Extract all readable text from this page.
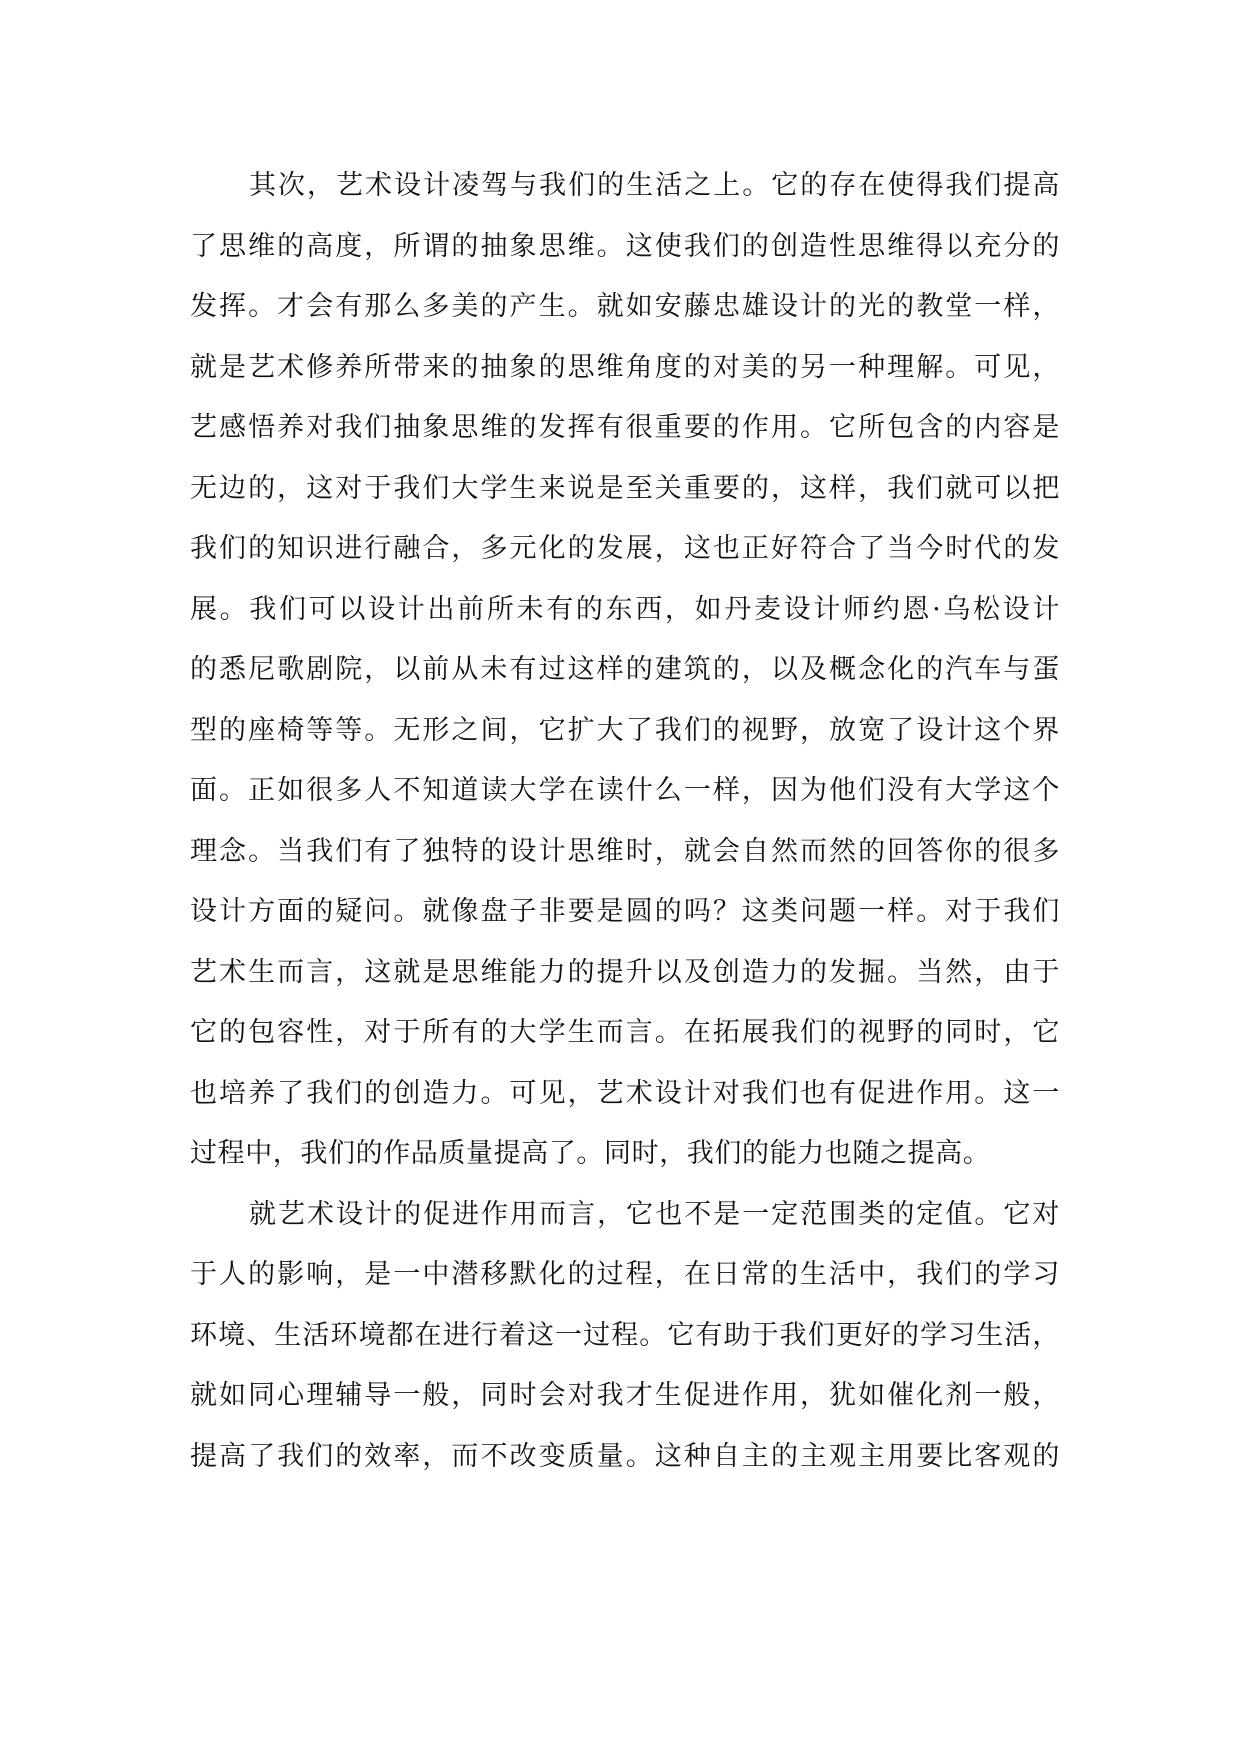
其次，艺术设计凌驾与我们的生活之上。它的存在使得我们提高
了思维的高度，所谓的抽象思维。这使我们的创造性思维得以充分的
发挥。才会有那么多美的产生。就如安藤忠雄设计的光的教堂一样，
就是艺术修养所带来的抽象的思维角度的对美的另一种理解。可见，
艺感悟养对我们抽象思维的发挥有很重要的作用。它所包含的内容是
无边的，这对于我们大学生来说是至关重要的，这样，我们就可以把
我们的知识进行融合，多元化的发展，这也正好符合了当今时代的发
展。我们可以设计出前所未有的东西，如丹麦设计师约恩·乌松设计
的悉尼歌剧院，以前从未有过这样的建筑的，以及概念化的汽车与蛋
型的座椅等等。无形之间，它扩大了我们的视野，放宽了设计这个界
面。正如很多人不知道读大学在读什么一样，因为他们没有大学这个
理念。当我们有了独特的设计思维时，就会自然而然的回答你的很多
设计方面的疑问。就像盘子非要是圆的吗？这类问题一样。对于我们
艺术生而言，这就是思维能力的提升以及创造力的发掘。当然，由于
它的包容性，对于所有的大学生而言。在拓展我们的视野的同时，它
也培养了我们的创造力。可见，艺术设计对我们也有促进作用。这一
过程中，我们的作品质量提高了。同时，我们的能力也随之提高。
就艺术设计的促进作用而言，它也不是一定范围类的定值。它对
于人的影响，是一中潜移默化的过程，在日常的生活中，我们的学习
环境、生活环境都在进行着这一过程。它有助于我们更好的学习生活，
就如同心理辅导一般，同时会对我才生促进作用，犹如催化剂一般，
提高了我们的效率，而不改变质量。这种自主的主观主用要比客观的
